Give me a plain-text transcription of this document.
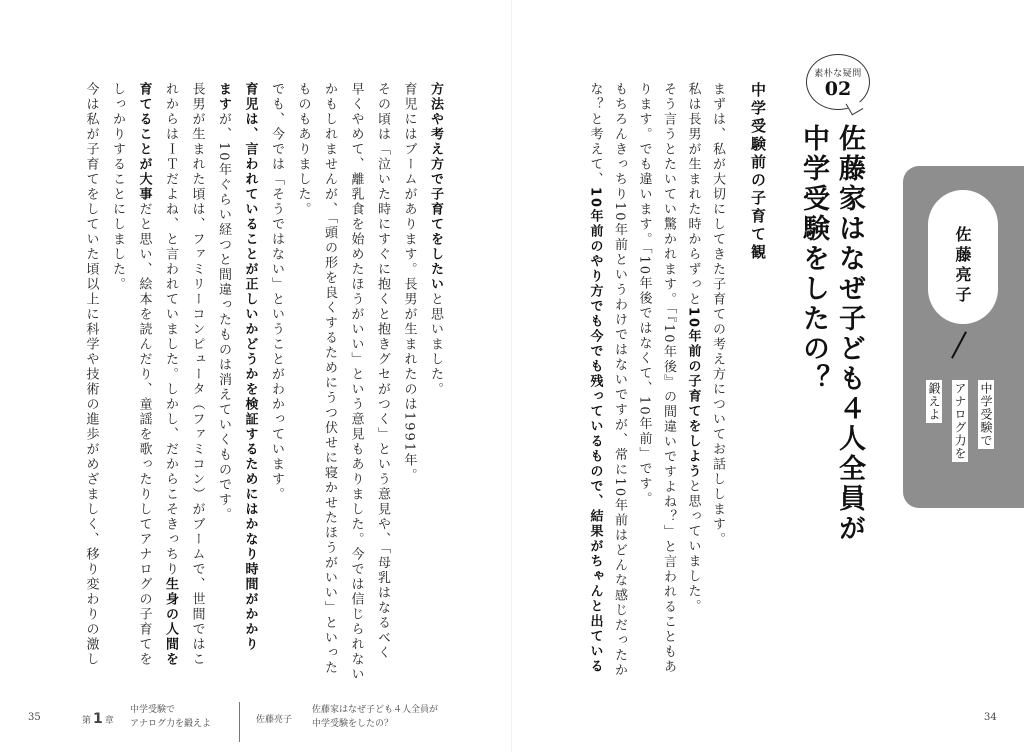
素朴な疑問
02
佐藤家はなぜ子ども４人全員が
中学受験をしたの？
中学受験前の子育て観
まずは、私が大切にしてきた子育ての考え方についてお話しします。
私は長男が生まれた時からずっと10年前の子育てをしようと思っていました。
そう言うとたいてい驚かれます。「『10年後』の間違いですよね？」と言われることもあ
ります。でも違います。「10年後ではなくて、10年前」です。
もちろんきっちり10年前というわけではないですが、常に10年前はどんな感じだったか
な？と考えて、10年前のやり方でも今でも残っているもので、結果がちゃんと出ている	佐藤亮子
中学受験で
アナログ力を
鍛えよ
方法や考え方で子育てをしたいと思いました。
育児にはブームがあります。長男が生まれたのは1991年。
その頃は「泣いた時にすぐに抱くと抱きグセがつく」という意見や、「母乳はなるべく
早くやめて、離乳食を始めたほうがいい」という意見もありました。今では信じられない
かもしれませんが、「頭の形を良くするためにうつ伏せに寝かせたほうがいい」といった
ものもありました。
でも、今では「そうではない」ということがわかっています。
育児は、言われていることが正しいかどうかを検証するためにはかなり時間がかかり
ますが、10年ぐらい経つと間違ったものは消えていくものです。
長男が生まれた頃は、ファミリーコンピュータ（ファミコン）がブームで、世間ではこ
れからはＩＴだよね、と言われていました。しかし、だからこそきっちり生身の人間を
育てることが大事だと思い、絵本を読んだり、童謡を歌ったりしてアナログの子育てを
しっかりすることにしました。
今は私が子育てをしていた頃以上に科学や技術の進歩がめざましく、移り変わりの激し
35	第 1 章
中学受験で
アナログ力を鍛えよ	佐藤亮子
佐藤家はなぜ子ども４人全員が
中学受験をしたの？
34
